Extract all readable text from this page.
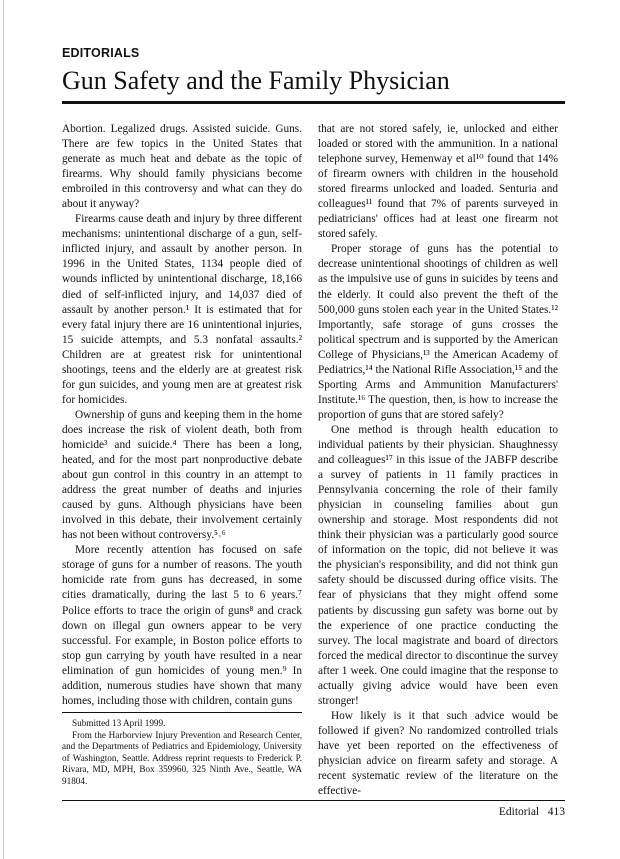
EDITORIALS
Gun Safety and the Family Physician

Abortion. Legalized drugs. Assisted suicide. Guns. There are few topics in the United States that generate as much heat and debate as the topic of firearms. Why should family physicians become embroiled in this controversy and what can they do about it anyway?

Firearms cause death and injury by three different mechanisms: unintentional discharge of a gun, self-inflicted injury, and assault by another person. In 1996 in the United States, 1134 people died of wounds inflicted by unintentional discharge, 18,166 died of self-inflicted injury, and 14,037 died of assault by another person.¹ It is estimated that for every fatal injury there are 16 unintentional injuries, 15 suicide attempts, and 5.3 nonfatal assaults.² Children are at greatest risk for unintentional shootings, teens and the elderly are at greatest risk for gun suicides, and young men are at greatest risk for homicides.

Ownership of guns and keeping them in the home does increase the risk of violent death, both from homicide³ and suicide.⁴ There has been a long, heated, and for the most part nonproductive debate about gun control in this country in an attempt to address the great number of deaths and injuries caused by guns. Although physicians have been involved in this debate, their involvement certainly has not been without controversy.⁵˒⁶

More recently attention has focused on safe storage of guns for a number of reasons. The youth homicide rate from guns has decreased, in some cities dramatically, during the last 5 to 6 years.⁷ Police efforts to trace the origin of guns⁸ and crack down on illegal gun owners appear to be very successful. For example, in Boston police efforts to stop gun carrying by youth have resulted in a near elimination of gun homicides of young men.⁹ In addition, numerous studies have shown that many homes, including those with children, contain guns

Submitted 13 April 1999.

From the Harborview Injury Prevention and Research Center, and the Departments of Pediatrics and Epidemiology, University of Washington, Seattle. Address reprint requests to Frederick P. Rivara, MD, MPH, Box 359960, 325 Ninth Ave., Seattle, WA 91804.

that are not stored safely, ie, unlocked and either loaded or stored with the ammunition. In a national telephone survey, Hemenway et al¹⁰ found that 14% of firearm owners with children in the household stored firearms unlocked and loaded. Senturia and colleagues¹¹ found that 7% of parents surveyed in pediatricians' offices had at least one firearm not stored safely.

Proper storage of guns has the potential to decrease unintentional shootings of children as well as the impulsive use of guns in suicides by teens and the elderly. It could also prevent the theft of the 500,000 guns stolen each year in the United States.¹² Importantly, safe storage of guns crosses the political spectrum and is supported by the American College of Physicians,¹³ the American Academy of Pediatrics,¹⁴ the National Rifle Association,¹⁵ and the Sporting Arms and Ammunition Manufacturers' Institute.¹⁶ The question, then, is how to increase the proportion of guns that are stored safely?

One method is through health education to individual patients by their physician. Shaughnessy and colleagues¹⁷ in this issue of the JABFP describe a survey of patients in 11 family practices in Pennsylvania concerning the role of their family physician in counseling families about gun ownership and storage. Most respondents did not think their physician was a particularly good source of information on the topic, did not believe it was the physician's responsibility, and did not think gun safety should be discussed during office visits. The fear of physicians that they might offend some patients by discussing gun safety was borne out by the experience of one practice conducting the survey. The local magistrate and board of directors forced the medical director to discontinue the survey after 1 week. One could imagine that the response to actually giving advice would have been even stronger!

How likely is it that such advice would be followed if given? No randomized controlled trials have yet been reported on the effectiveness of physician advice on firearm safety and storage. A recent systematic review of the literature on the effective-

Editorial   413
